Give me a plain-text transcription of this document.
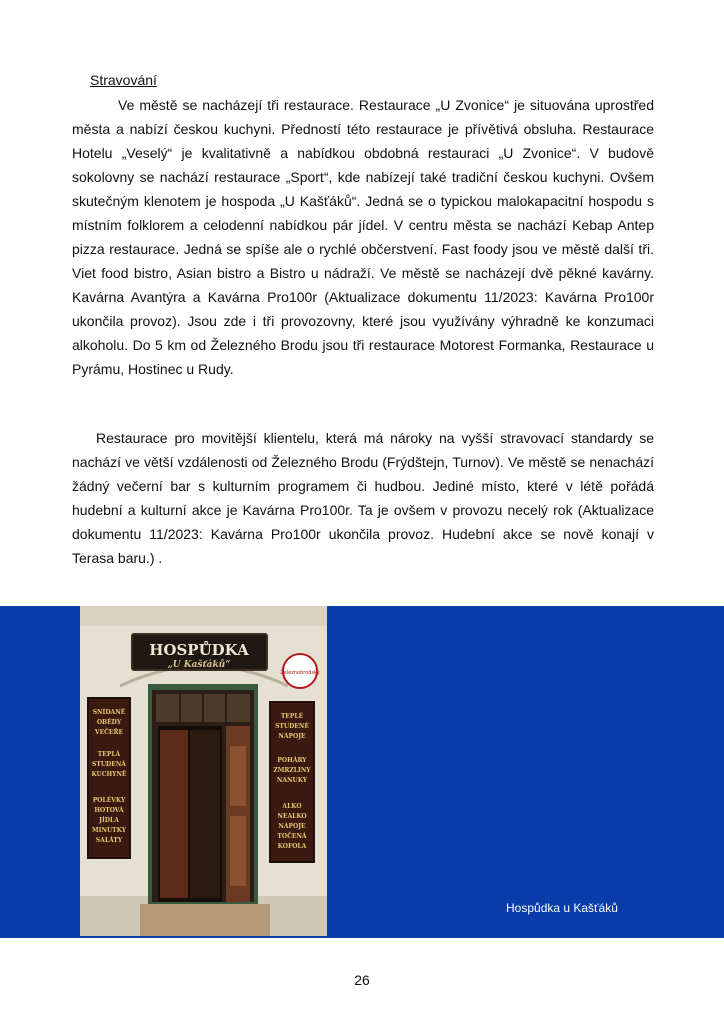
Stravování

Ve městě se nacházejí tři restaurace. Restaurace „U Zvonice“ je situována uprostřed města a nabízí českou kuchyni. Předností této restaurace je přívětivá obsluha. Restaurace Hotelu „Veselý“ je kvalitativně a nabídkou obdobná restauraci „U Zvonice“. V budově sokolovny se nachází restaurace „Sport“, kde nabízejí také tradiční českou kuchyni. Ovšem skutečným klenotem je hospoda „U Kašťáků“. Jedná se o typickou malokapacitní hospodu s místním folklorem a celodenní nabídkou pár jídel. V centru města se nachází Kebap Antep pizza restaurace. Jedná se spíše ale o rychlé občerstvení. Fast foody jsou ve městě další tři. Viet food bistro, Asian bistro a Bistro u nádraží. Ve městě se nacházejí dvě pěkné kavárny. Kavárna Avantýra a Kavárna Pro100r (Aktualizace dokumentu 11/2023: Kavárna Pro100r ukončila provoz). Jsou zde i tři provozovny, které jsou využívány výhradně ke konzumaci alkoholu. Do 5 km od Železného Brodu jsou tři restaurace Motorest Formanka, Restaurace u Pyrámu, Hostinec u Rudy.

Restaurace pro movitější klientelu, která má nároky na vyšší stravovací standardy se nachází ve větší vzdálenosti od Železného Brodu (Frýdštejn, Turnov). Ve městě se nenachází žádný večerní bar s kulturním programem či hudbou. Jediné místo, které v létě pořádá hudební a kulturní akce je Kavárna Pro100r. Ta je ovšem v provozu necelý rok (Aktualizace dokumentu 11/2023: Kavárna Pro100r ukončila provoz. Hudební akce se nově konají v Terasa baru.) .

HOSPŮDKA
„U Kašťáků“
Železnobrodský
SNÍDANĚ
OBĚDY
VEČEŘE
TEPLÁ
STUDENÁ
KUCHYNĚ
POLÉVKY
HOTOVÁ
JÍDLA
MINUTKY
SALÁTY
TEPLÉ
STUDENÉ
NÁPOJE
POHÁRY
ZMRZLINY
NANUKY
ALKO
NEALKO
NÁPOJE
TOČENÁ
KOFOLA
Hospůdka u Kašťáků
26
